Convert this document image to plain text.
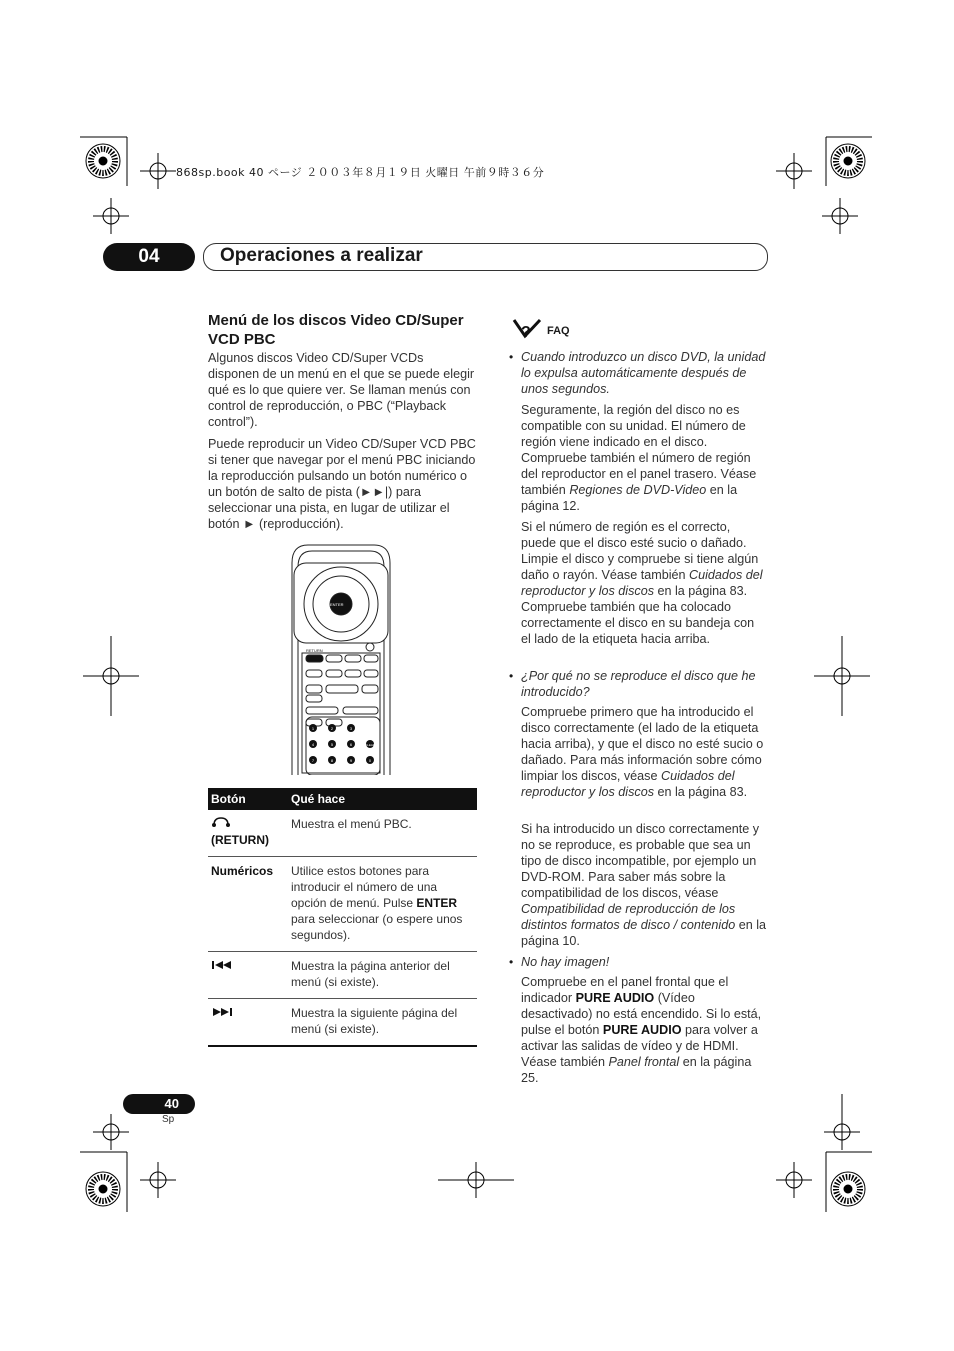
868sp.book 40 ページ ２００３年８月１９日 火曜日 午前９時３６分
04	Operaciones a realizar
Menú de los discos Video CD/Super VCD PBC
Algunos discos Video CD/Super VCDs disponen de un menú en el que se puede elegir qué es lo que quiere ver. Se llaman menús con control de reproducción, o PBC (“Playback control”).
Puede reproducir un Video CD/Super VCD PBC si tener que navegar por el menú PBC iniciando la reproducción pulsando un botón numérico o un botón de salto de pista (►►|) para seleccionar una pista, en lugar de utilizar el botón ► (reproducción).
ENTER
RETURN
1	2	3
4	5	6
7	8	9	0
CLEAR
Botón	Qué hace

(RETURN)	Muestra el menú PBC.
Numéricos	Utilice estos botones para introducir el número de una opción de menú. Pulse ENTER para seleccionar (o espere unos segundos).
	Muestra la página anterior del menú (si existe).
	Muestra la siguiente página del menú (si existe).
? FAQ
• Cuando introduzco un disco DVD, la unidad lo expulsa automáticamente después de unos segundos.
Seguramente, la región del disco no es compatible con su unidad. El número de región viene indicado en el disco. Compruebe también el número de región del reproductor en el panel trasero. Véase también Regiones de DVD-Video en la página 12.
Si el número de región es el correcto, puede que el disco esté sucio o dañado. Limpie el disco y compruebe si tiene algún daño o rayón. Véase también Cuidados del reproductor y los discos en la página 83. Compruebe también que ha colocado correctamente el disco en su bandeja con el lado de la etiqueta hacia arriba.
• ¿Por qué no se reproduce el disco que he introducido?
Compruebe primero que ha introducido el disco correctamente (el lado de la etiqueta hacia arriba), y que el disco no esté sucio o dañado. Para más información sobre cómo limpiar los discos, véase Cuidados del reproductor y los discos en la página 83.
Si ha introducido un disco correctamente y no se reproduce, es probable que sea un tipo de disco incompatible, por ejemplo un DVD-ROM. Para saber más sobre la compatibilidad de los discos, véase Compatibilidad de reproducción de los distintos formatos de disco / contenido en la página 10.
• No hay imagen!
Compruebe en el panel frontal que el indicador PURE AUDIO (Vídeo desactivado) no está encendido. Si lo está, pulse el botón PURE AUDIO para volver a activar las salidas de vídeo y de HDMI. Véase también Panel frontal en la página 25.
40
Sp
